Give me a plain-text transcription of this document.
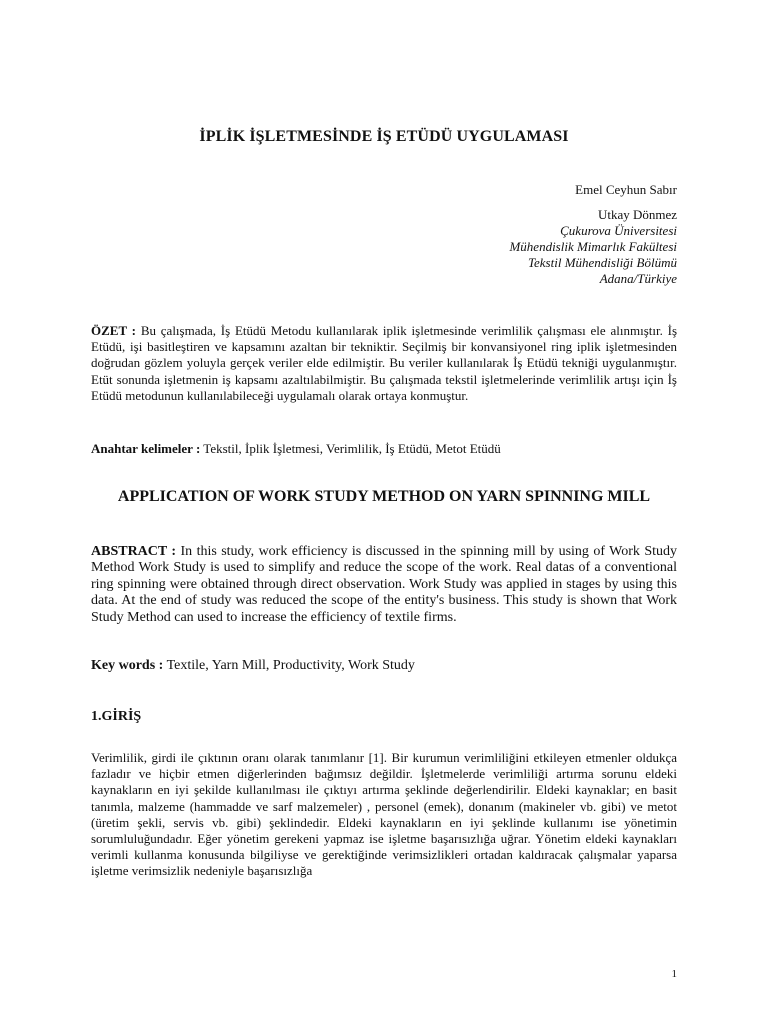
İPLİK İŞLETMESİNDE İŞ ETÜDÜ UYGULAMASI
Emel Ceyhun Sabır
Utkay Dönmez
Çukurova Üniversitesi
Mühendislik Mimarlık Fakültesi
Tekstil Mühendisliği Bölümü
Adana/Türkiye
ÖZET : Bu çalışmada, İş Etüdü Metodu kullanılarak iplik işletmesinde verimlilik çalışması ele alınmıştır. İş Etüdü, işi basitleştiren ve kapsamını azaltan bir tekniktir. Seçilmiş bir konvansiyonel ring iplik işletmesinden doğrudan gözlem yoluyla gerçek veriler elde edilmiştir. Bu veriler kullanılarak İş Etüdü tekniği uygulanmıştır. Etüt sonunda işletmenin iş kapsamı azaltılabilmiştir. Bu çalışmada tekstil işletmelerinde verimlilik artışı için İş Etüdü metodunun kullanılabileceği uygulamalı olarak ortaya konmuştur.
Anahtar kelimeler : Tekstil, İplik İşletmesi, Verimlilik, İş Etüdü, Metot Etüdü
APPLICATION OF WORK STUDY METHOD ON YARN SPINNING MILL
ABSTRACT : In this study, work efficiency is discussed in the spinning mill by using of Work Study Method Work Study is used to simplify and reduce the scope of the work. Real datas of a conventional ring spinning were obtained through direct observation. Work Study was applied in stages by using this data. At the end of study was reduced the scope of the entity's business. This study is shown that Work Study Method can used to increase the efficiency of textile firms.
Key words : Textile, Yarn Mill, Productivity, Work Study
1.GİRİŞ
Verimlilik, girdi ile çıktının oranı olarak tanımlanır [1]. Bir kurumun verimliliğini etkileyen etmenler oldukça fazladır ve hiçbir etmen diğerlerinden bağımsız değildir. İşletmelerde verimliliği artırma sorunu eldeki kaynakların en iyi şekilde kullanılması ile çıktıyı artırma şeklinde değerlendirilir. Eldeki kaynaklar; en basit tanımla, malzeme (hammadde ve sarf malzemeler) , personel (emek), donanım (makineler vb. gibi) ve metot (üretim şekli, servis vb. gibi) şeklindedir. Eldeki kaynakların en iyi şeklinde kullanımı ise yönetimin sorumluluğundadır. Eğer yönetim gerekeni yapmaz ise işletme başarısızlığa uğrar. Yönetim eldeki kaynakları verimli kullanma konusunda bilgiliyse ve gerektiğinde verimsizlikleri ortadan kaldıracak çalışmalar yaparsa işletme verimsizlik nedeniyle başarısızlığa
1
